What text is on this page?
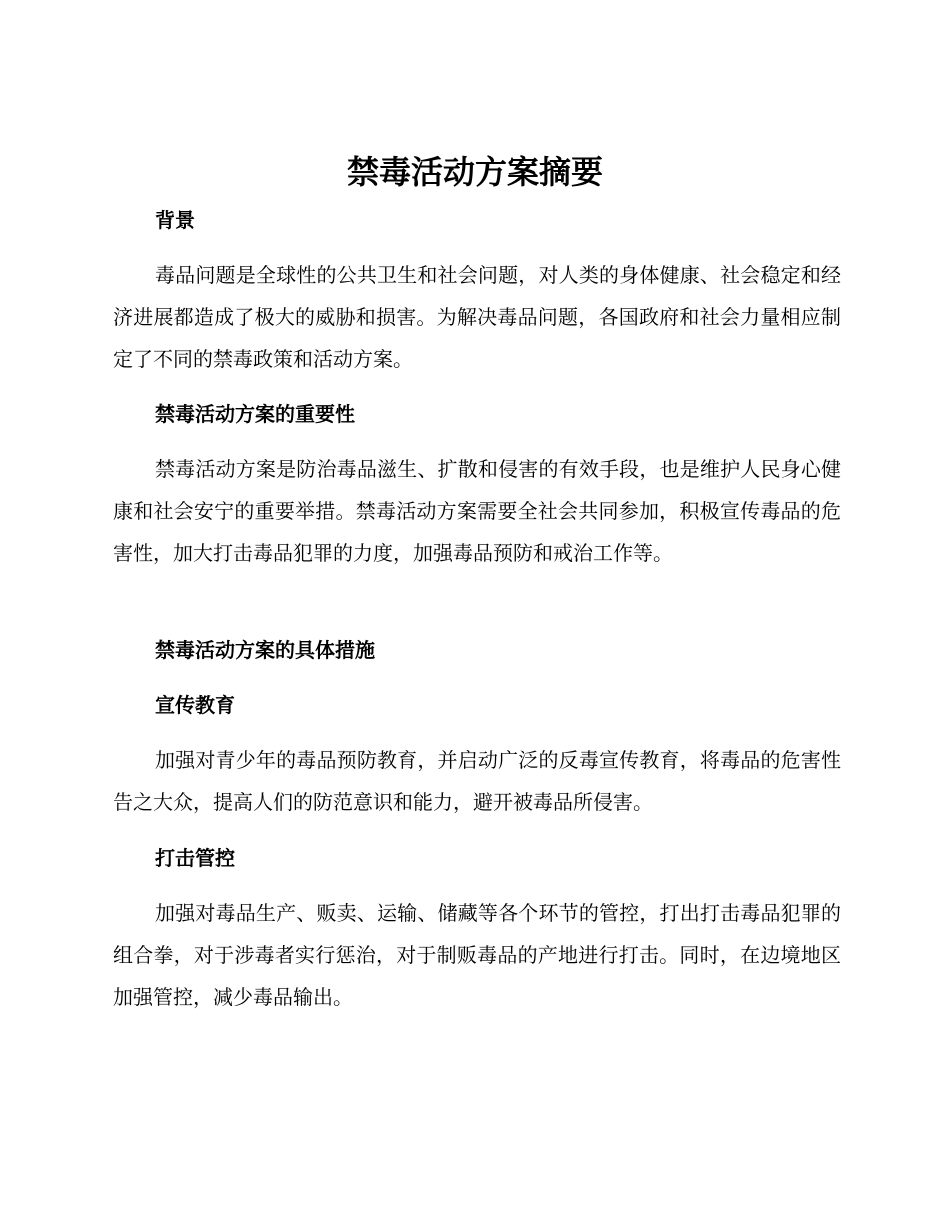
禁毒活动方案摘要
背景

毒品问题是全球性的公共卫生和社会问题，对人类的身体健康、社会稳定和经济进展都造成了极大的威胁和损害。为解决毒品问题，各国政府和社会力量相应制定了不同的禁毒政策和活动方案。

禁毒活动方案的重要性

禁毒活动方案是防治毒品滋生、扩散和侵害的有效手段，也是维护人民身心健康和社会安宁的重要举措。禁毒活动方案需要全社会共同参加，积极宣传毒品的危害性，加大打击毒品犯罪的力度，加强毒品预防和戒治工作等。

禁毒活动方案的具体措施
宣传教育

加强对青少年的毒品预防教育，并启动广泛的反毒宣传教育，将毒品的危害性告之大众，提高人们的防范意识和能力，避开被毒品所侵害。

打击管控

加强对毒品生产、贩卖、运输、储藏等各个环节的管控，打出打击毒品犯罪的组合拳，对于涉毒者实行惩治，对于制贩毒品的产地进行打击。同时，在边境地区加强管控，减少毒品输出。
